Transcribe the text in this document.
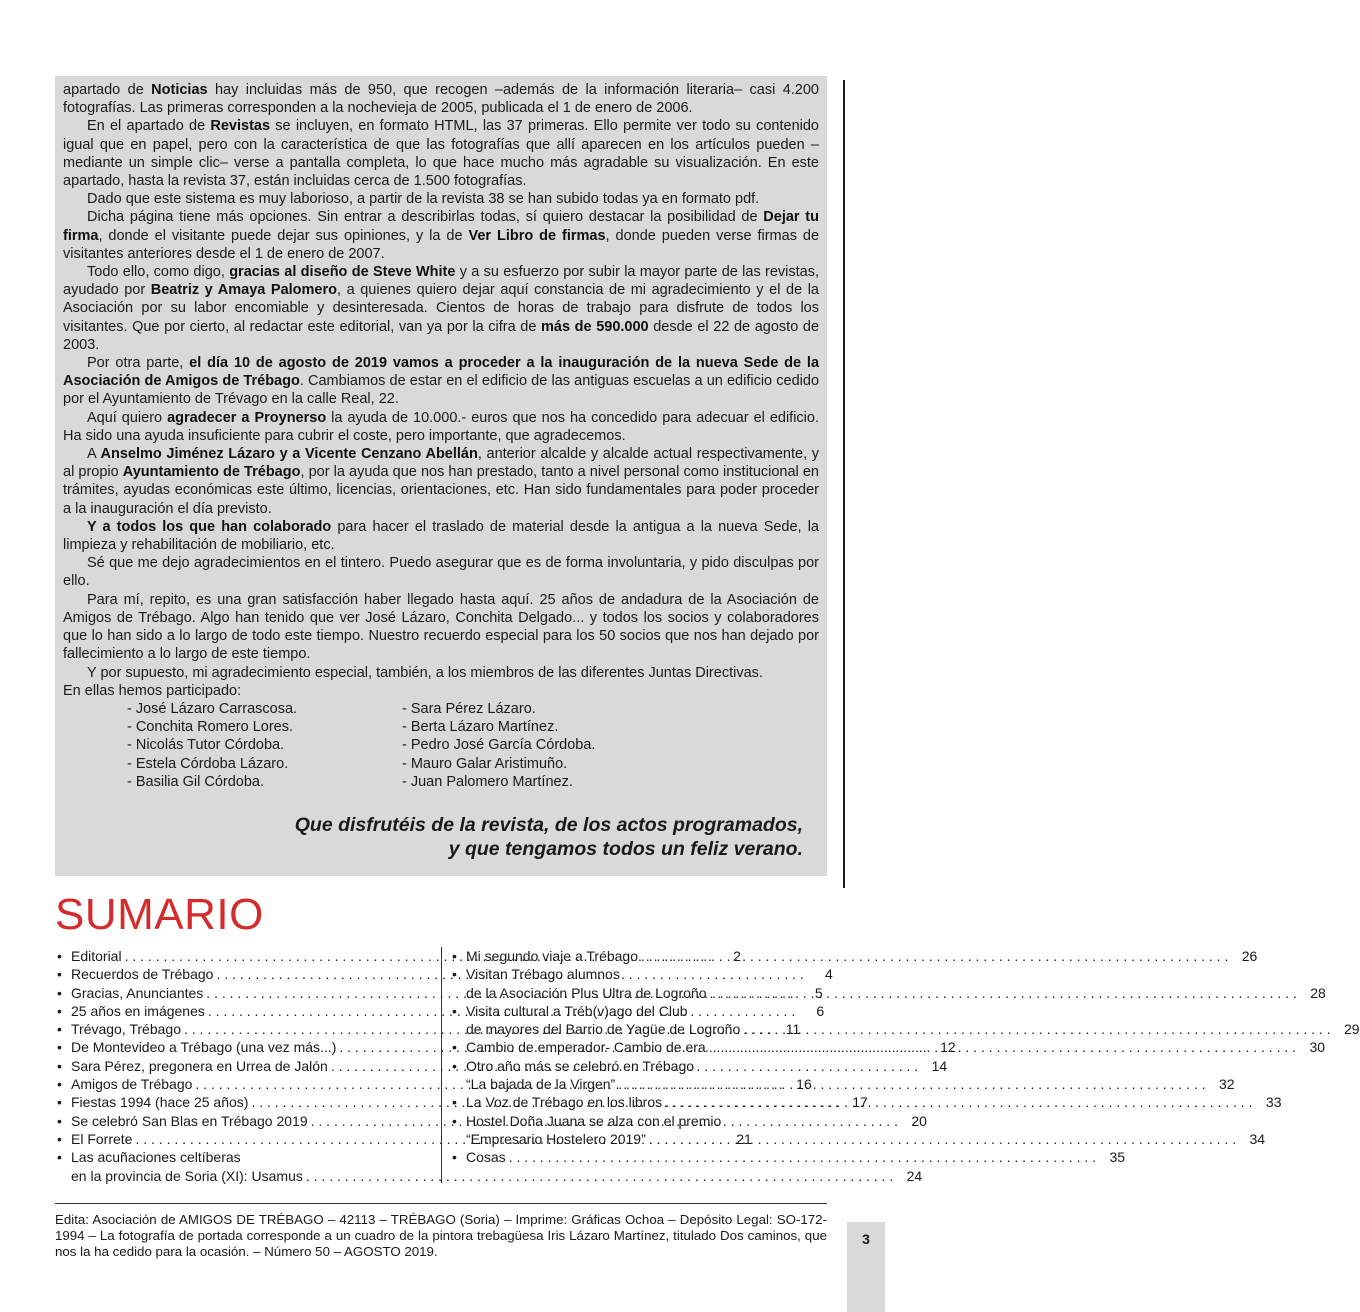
apartado de Noticias hay incluidas más de 950, que recogen –además de la información literaria– casi 4.200 fotografías. Las primeras corresponden a la nochevieja de 2005, publicada el 1 de enero de 2006.

En el apartado de Revistas se incluyen, en formato HTML, las 37 primeras. Ello permite ver todo su contenido igual que en papel, pero con la característica de que las fotografías que allí aparecen en los artículos pueden –mediante un simple clic– verse a pantalla completa, lo que hace mucho más agradable su visualización. En este apartado, hasta la revista 37, están incluidas cerca de 1.500 fotografías.

Dado que este sistema es muy laborioso, a partir de la revista 38 se han subido todas ya en formato pdf.

Dicha página tiene más opciones. Sin entrar a describirlas todas, sí quiero destacar la posibilidad de Dejar tu firma, donde el visitante puede dejar sus opiniones, y la de Ver Libro de firmas, donde pueden verse firmas de visitantes anteriores desde el 1 de enero de 2007.

Todo ello, como digo, gracias al diseño de Steve White y a su esfuerzo por subir la mayor parte de las revistas, ayudado por Beatriz y Amaya Palomero, a quienes quiero dejar aquí constancia de mi agradecimiento y el de la Asociación por su labor encomiable y desinteresada. Cientos de horas de trabajo para disfrute de todos los visitantes. Que por cierto, al redactar este editorial, van ya por la cifra de más de 590.000 desde el 22 de agosto de 2003.

Por otra parte, el día 10 de agosto de 2019 vamos a proceder a la inauguración de la nueva Sede de la Asociación de Amigos de Trébago. Cambiamos de estar en el edificio de las antiguas escuelas a un edificio cedido por el Ayuntamiento de Trévago en la calle Real, 22.

Aquí quiero agradecer a Proynerso la ayuda de 10.000.- euros que nos ha concedido para adecuar el edificio. Ha sido una ayuda insuficiente para cubrir el coste, pero importante, que agradecemos.

A Anselmo Jiménez Lázaro y a Vicente Cenzano Abellán, anterior alcalde y alcalde actual respectivamente, y al propio Ayuntamiento de Trébago, por la ayuda que nos han prestado, tanto a nivel personal como institucional en trámites, ayudas económicas este último, licencias, orientaciones, etc. Han sido fundamentales para poder proceder a la inauguración el día previsto.

Y a todos los que han colaborado para hacer el traslado de material desde la antigua a la nueva Sede, la limpieza y rehabilitación de mobiliario, etc.

Sé que me dejo agradecimientos en el tintero. Puedo asegurar que es de forma involuntaria, y pido disculpas por ello.

Para mí, repito, es una gran satisfacción haber llegado hasta aquí. 25 años de andadura de la Asociación de Amigos de Trébago. Algo han tenido que ver José Lázaro, Conchita Delgado... y todos los socios y colaboradores que lo han sido a lo largo de todo este tiempo. Nuestro recuerdo especial para los 50 socios que nos han dejado por fallecimiento a lo largo de este tiempo.

Y por supuesto, mi agradecimiento especial, también, a los miembros de las diferentes Juntas Directivas.

En ellas hemos participado:

- José Lázaro Carrascosa.
- Conchita Romero Lores.
- Nicolás Tutor Córdoba.
- Estela Córdoba Lázaro.
- Basilia Gil Córdoba.
- Sara Pérez Lázaro.
- Berta Lázaro Martínez.
- Pedro José García Córdoba.
- Mauro Galar Aristimuño.
- Juan Palomero Martínez.
Que disfrutéis de la revista, de los actos programados,
y que tengamos todos un feliz verano.
SUMARIO
• Editorial . . .	2
• Recuerdos de Trébago . . .	4
• Gracias, Anunciantes . . .	5
• 25 años en imágenes . . .	6
• Trévago, Trébago . . .	11
• De Montevideo a Trébago (una vez más...) . . .	12
• Sara Pérez, pregonera en Urrea de Jalón . . .	14
• Amigos de Trébago . . .	16
• Fiestas 1994 (hace 25 años) . . .	17
• Se celebró San Blas en Trébago 2019 . . .	20
• El Forrete . . .	21
• Las acuñaciones celtíberas
en la provincia de Soria (XI): Usamus . . .	24
• Mi segundo viaje a Trébago . . .	26
• Visitan Trébago alumnos
de la Asociación Plus Ultra de Logroño . . .	28
• Visita cultural a Tréb(v)ago del Club
de mayores del Barrio de Yagüe de Logroño . . .	29
• Cambio de emperador- Cambio de era . . .	30
• Otro año más se celebró en Trébago
“La bajada de la Virgen” . . .	32
• La Voz de Trébago en los libros . . .	33
• Hostel Doña Juana se alza con el premio
“Empresario Hostelero 2019” . . .	34
• Cosas . . .	35

Edita: Asociación de AMIGOS DE TRÉBAGO – 42113 – TRÉBAGO (Soria) – Imprime: Gráficas Ochoa – Depósito Legal: SO-172-1994 – La fotografía de portada corresponde a un cuadro de la pintora trebagüesa Iris Lázaro Martínez, titulado Dos caminos, que nos la ha cedido para la ocasión. – Número 50 – AGOSTO 2019.

3
